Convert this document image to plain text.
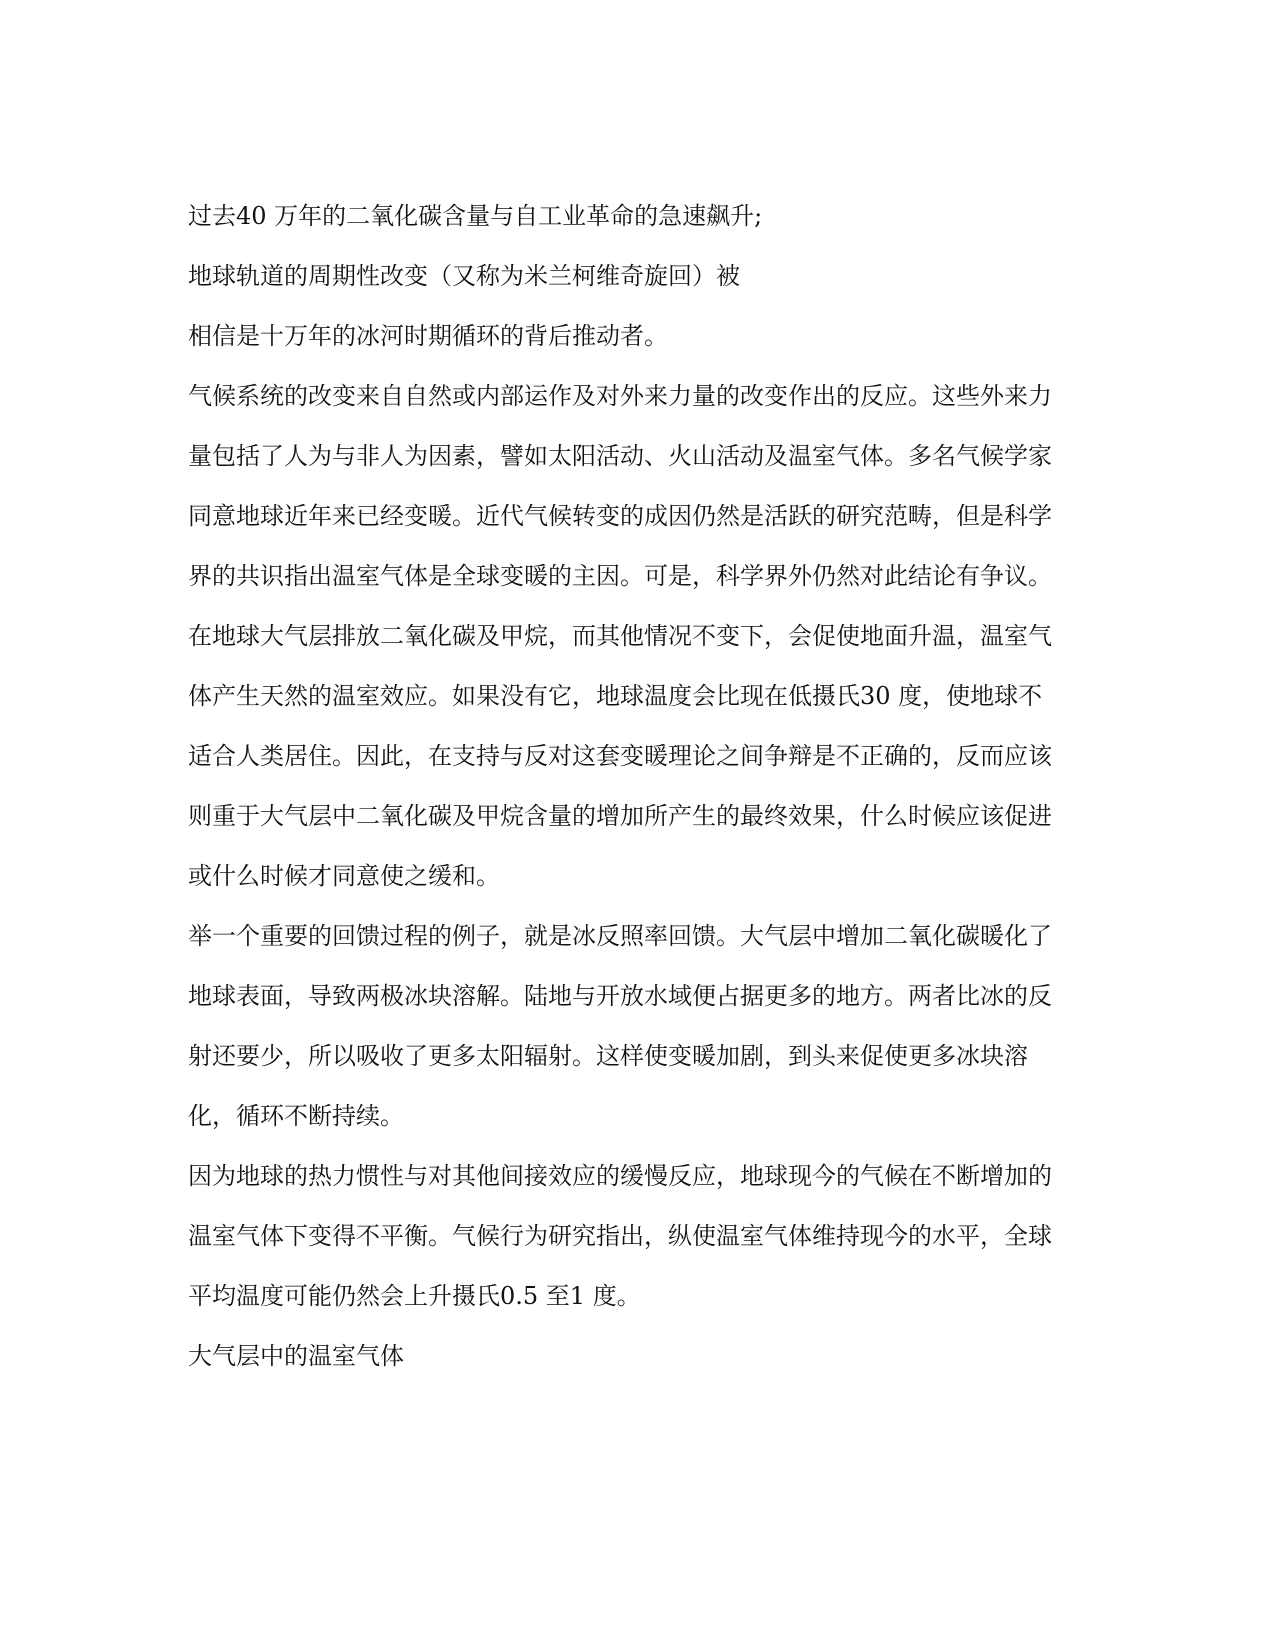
过去40 万年的二氧化碳含量与自工业革命的急速飙升;
地球轨道的周期性改变（又称为米兰柯维奇旋回）被
相信是十万年的冰河时期循环的背后推动者。
气候系统的改变来自自然或内部运作及对外来力量的改变作出的反应。这些外来力
量包括了人为与非人为因素，譬如太阳活动、火山活动及温室气体。多名气候学家
同意地球近年来已经变暖。近代气候转变的成因仍然是活跃的研究范畴，但是科学
界的共识指出温室气体是全球变暖的主因。可是，科学界外仍然对此结论有争议。
在地球大气层排放二氧化碳及甲烷，而其他情况不变下，会促使地面升温，温室气
体产生天然的温室效应。如果没有它，地球温度会比现在低摄氏30 度，使地球不
适合人类居住。因此，在支持与反对这套变暖理论之间争辩是不正确的，反而应该
则重于大气层中二氧化碳及甲烷含量的增加所产生的最终效果，什么时候应该促进
或什么时候才同意使之缓和。
举一个重要的回馈过程的例子，就是冰反照率回馈。大气层中增加二氧化碳暖化了
地球表面，导致两极冰块溶解。陆地与开放水域便占据更多的地方。两者比冰的反
射还要少，所以吸收了更多太阳辐射。这样使变暖加剧，到头来促使更多冰块溶
化，循环不断持续。
因为地球的热力惯性与对其他间接效应的缓慢反应，地球现今的气候在不断增加的
温室气体下变得不平衡。气候行为研究指出，纵使温室气体维持现今的水平，全球
平均温度可能仍然会上升摄氏0.5 至1 度。
大气层中的温室气体
